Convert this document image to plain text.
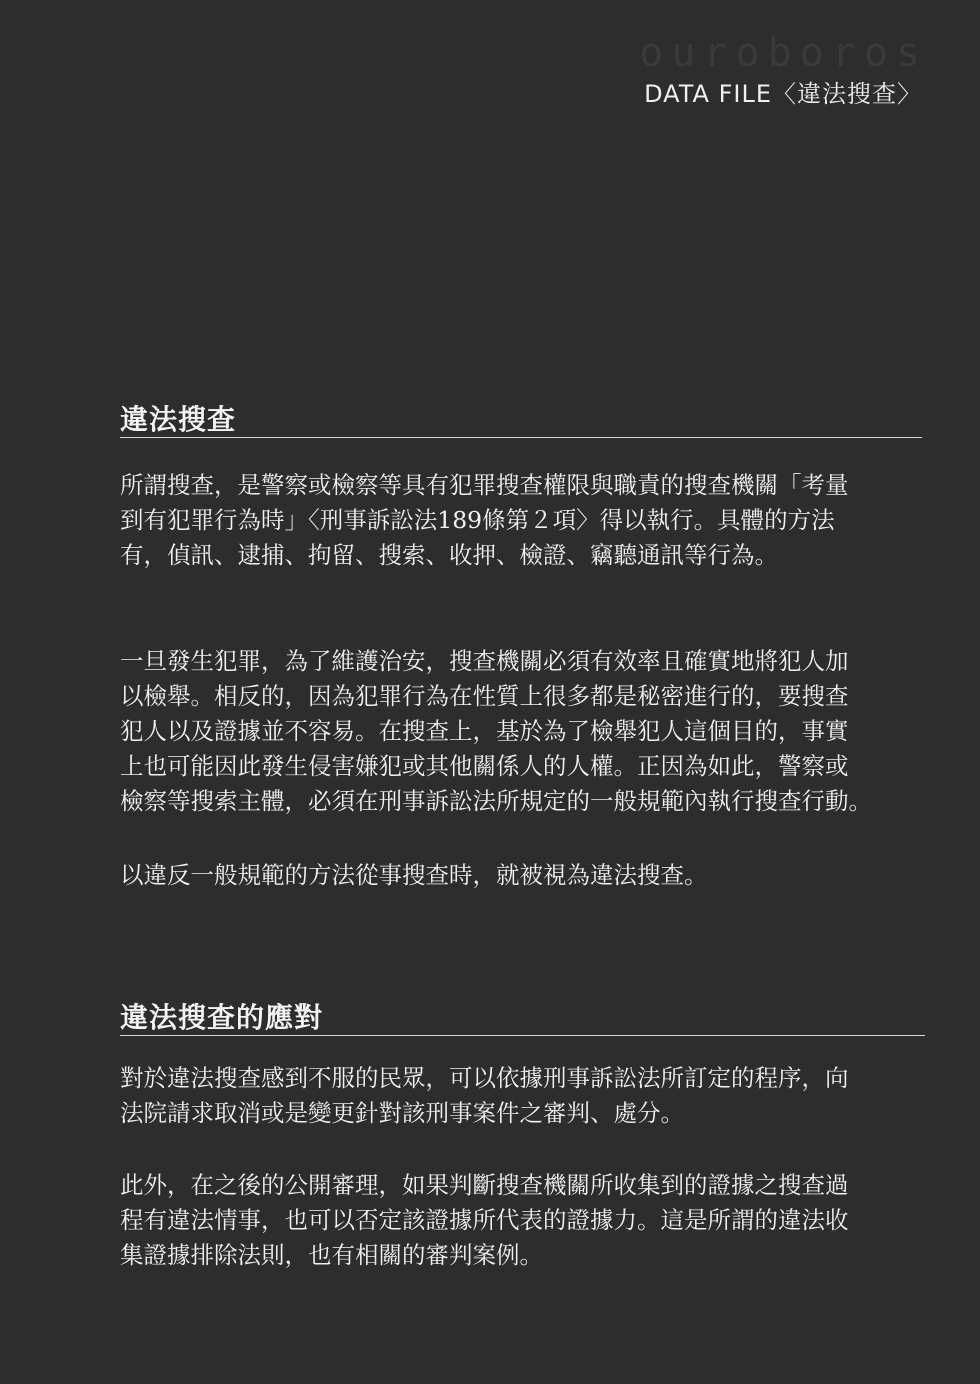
ouroboros
DATA FILE〈違法搜查〉
違法搜查
所謂搜查，是警察或檢察等具有犯罪搜查權限與職責的搜查機關「考量
到有犯罪行為時」〈刑事訴訟法189條第２項〉得以執行。具體的方法
有，偵訊、逮捕、拘留、搜索、收押、檢證、竊聽通訊等行為。
一旦發生犯罪，為了維護治安，搜查機關必須有效率且確實地將犯人加
以檢舉。相反的，因為犯罪行為在性質上很多都是秘密進行的，要搜查
犯人以及證據並不容易。在搜查上，基於為了檢舉犯人這個目的，事實
上也可能因此發生侵害嫌犯或其他關係人的人權。正因為如此，警察或
檢察等搜索主體，必須在刑事訴訟法所規定的一般規範內執行搜查行動。
以違反一般規範的方法從事搜查時，就被視為違法搜查。
違法搜查的應對
對於違法搜查感到不服的民眾，可以依據刑事訴訟法所訂定的程序，向
法院請求取消或是變更針對該刑事案件之審判、處分。
此外，在之後的公開審理，如果判斷搜查機關所收集到的證據之搜查過
程有違法情事，也可以否定該證據所代表的證據力。這是所謂的違法收
集證據排除法則，也有相關的審判案例。
